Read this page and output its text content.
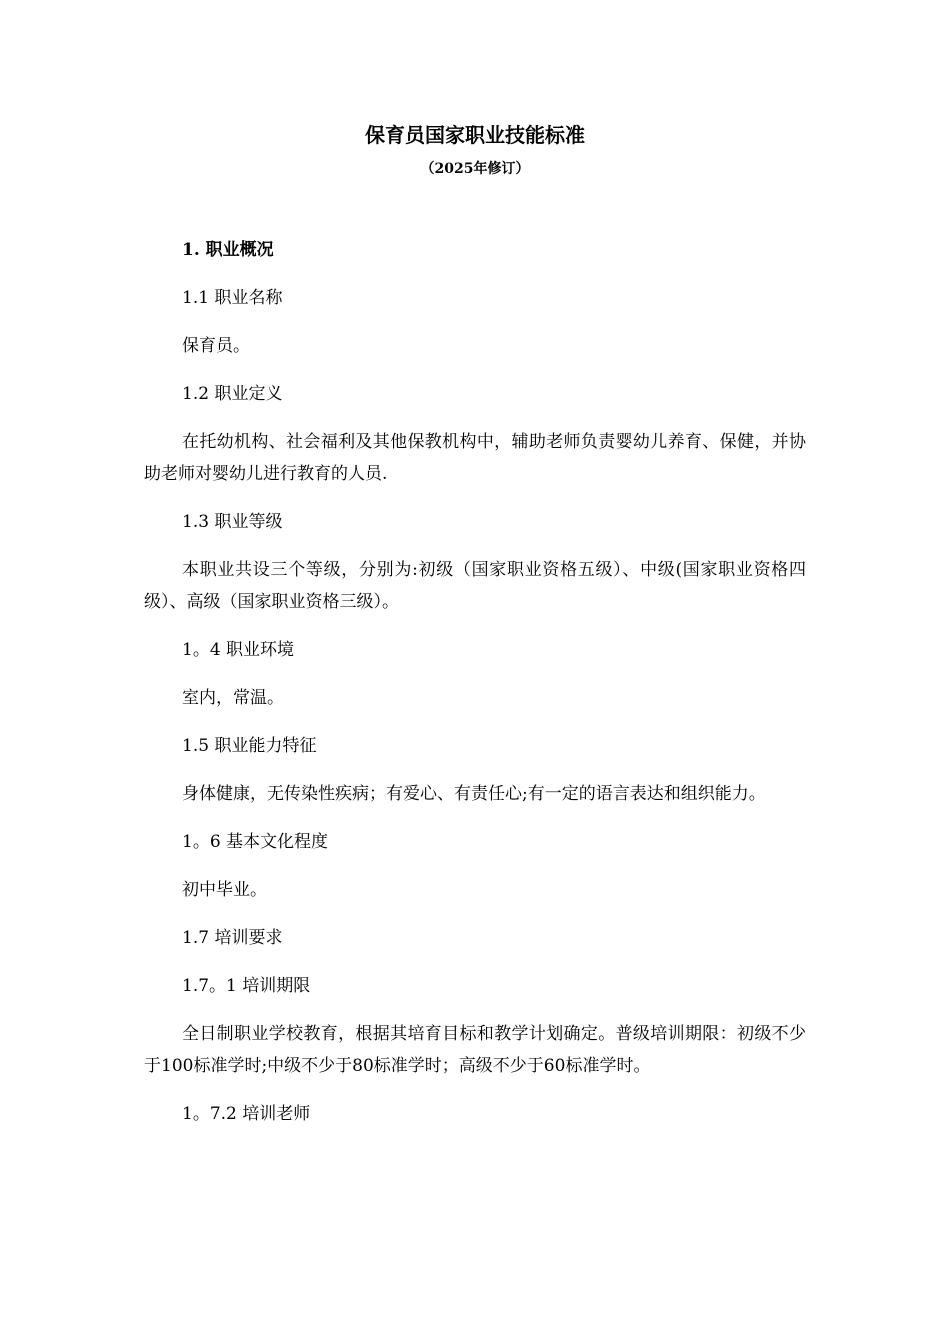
保育员国家职业技能标准
（2025年修订）

1. 职业概况

1.1 职业名称

保育员。

1.2 职业定义

在托幼机构、社会福利及其他保教机构中，辅助老师负责婴幼儿养育、保健，并协助老师对婴幼儿进行教育的人员.

1.3 职业等级

本职业共设三个等级，分别为:初级（国家职业资格五级）、中级(国家职业资格四级）、高级（国家职业资格三级）。

1。4 职业环境

室内，常温。

1.5 职业能力特征

身体健康，无传染性疾病；有爱心、有责任心;有一定的语言表达和组织能力。

1。6 基本文化程度

初中毕业。

1.7 培训要求

1.7。1 培训期限

全日制职业学校教育，根据其培育目标和教学计划确定。普级培训期限：初级不少于100标准学时;中级不少于80标准学时；高级不少于60标准学时。

1。7.2 培训老师
